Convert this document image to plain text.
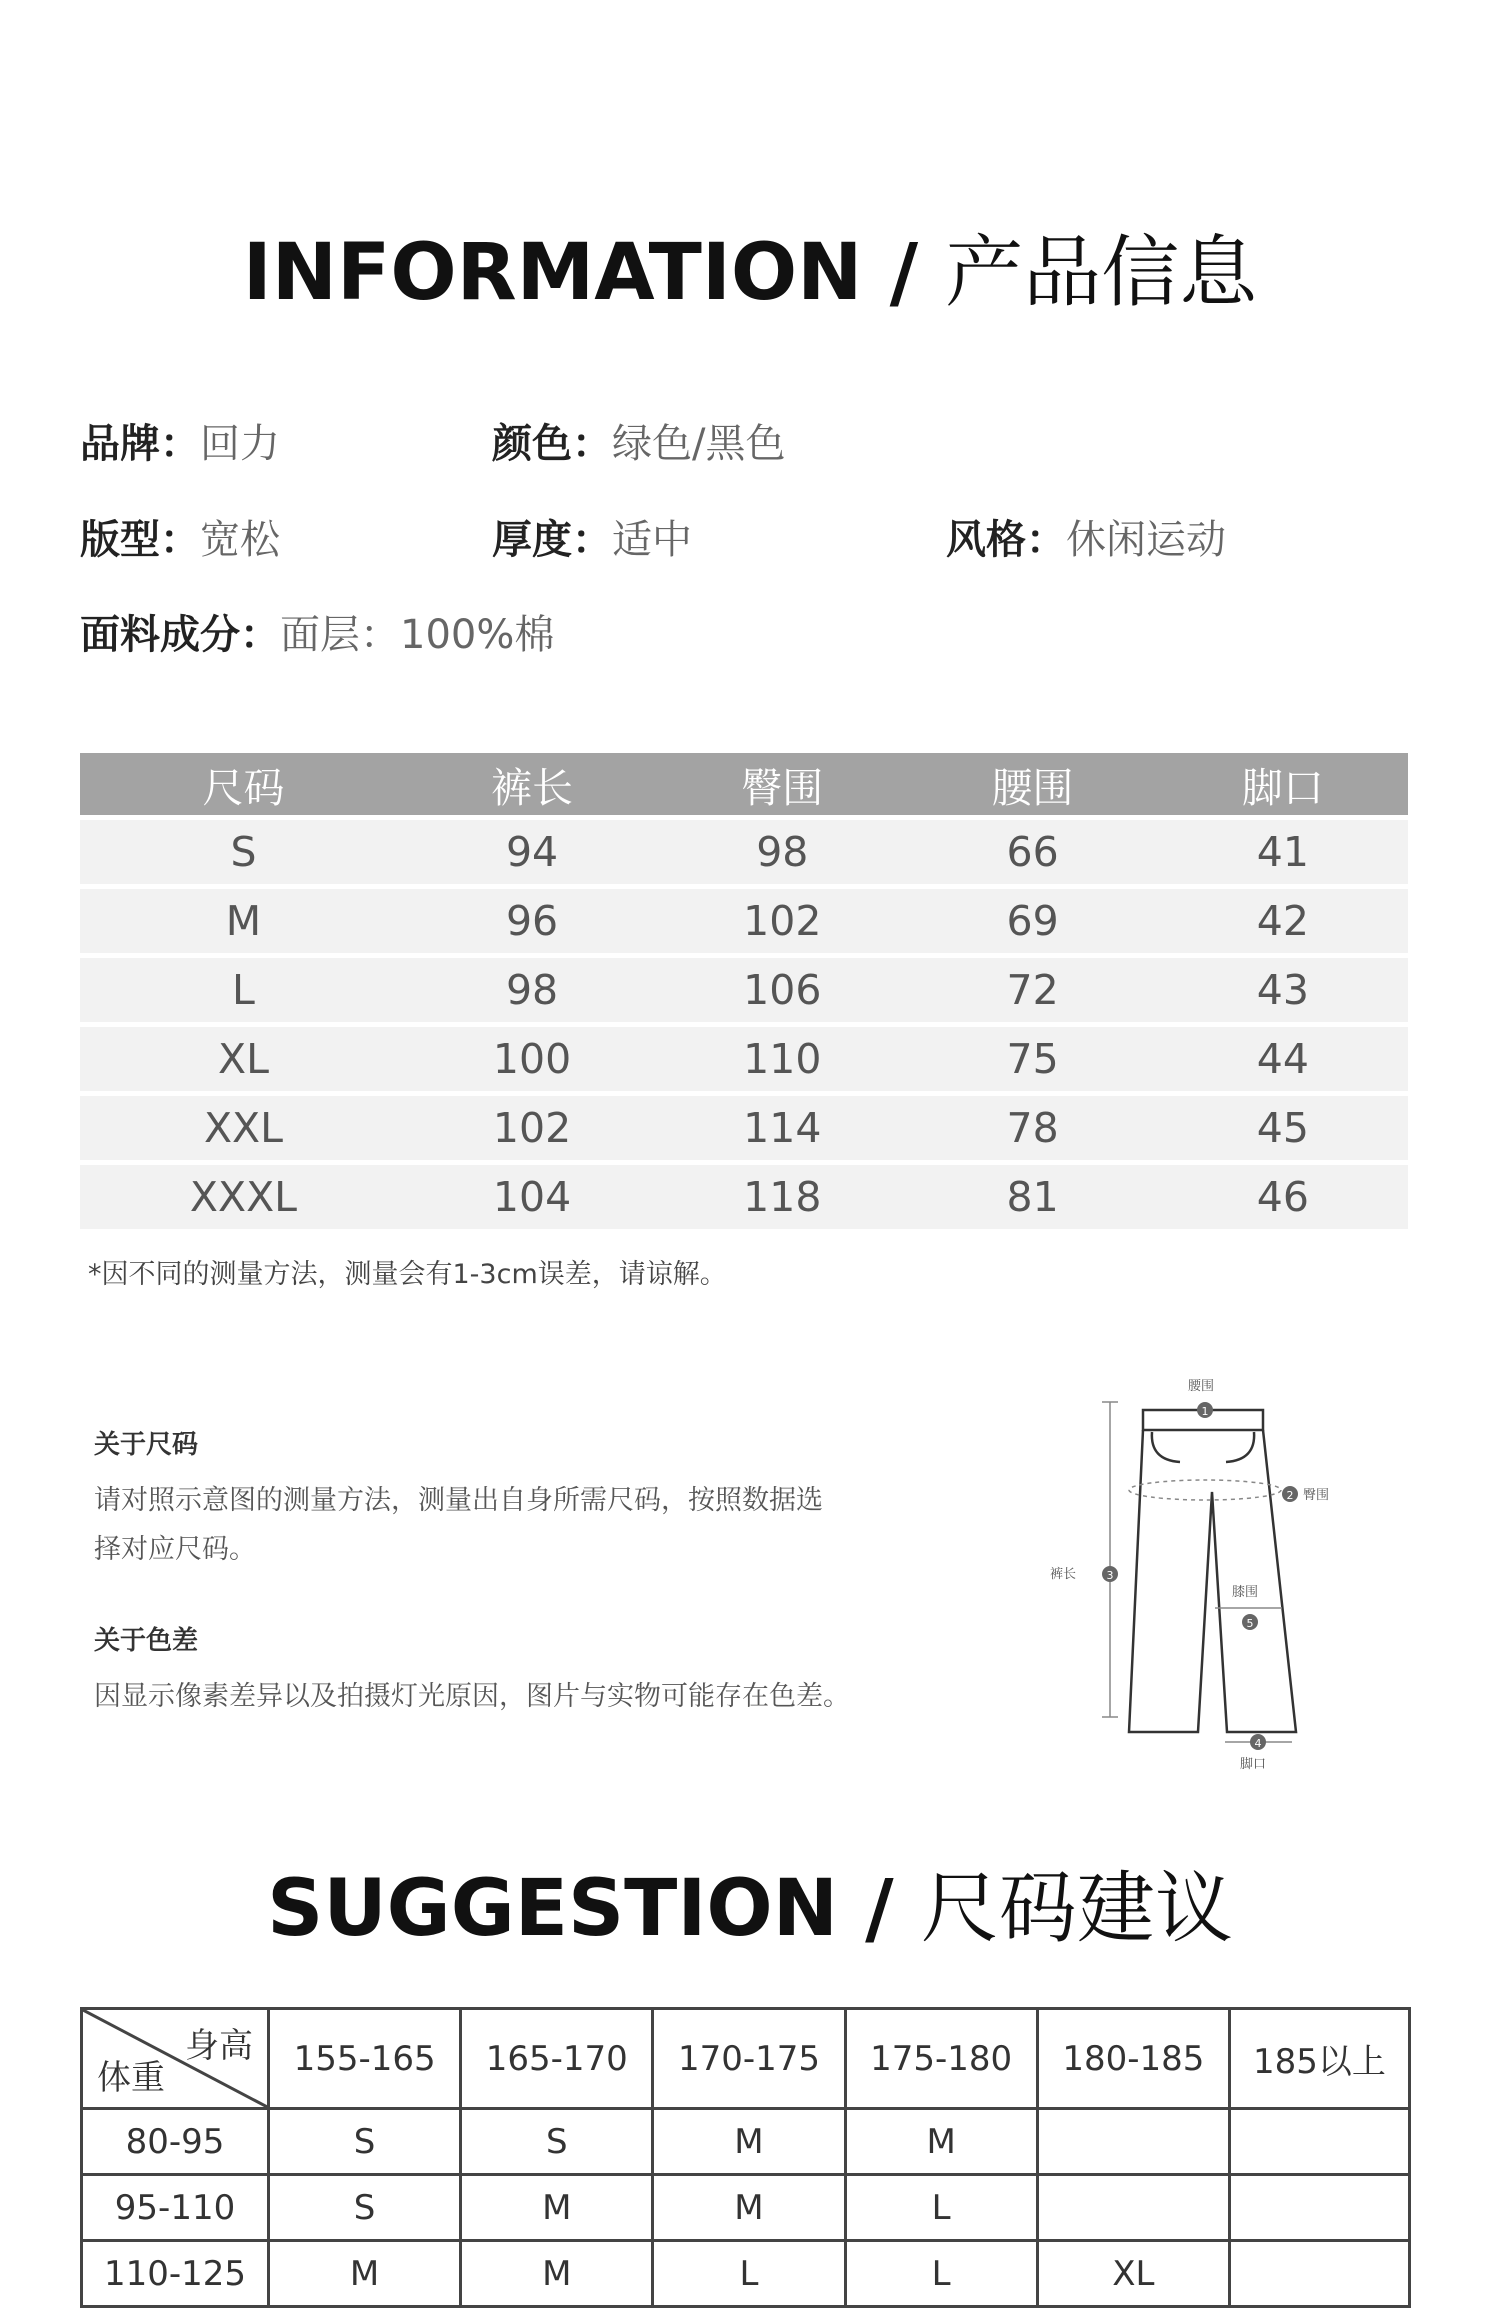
INFORMATION / 产品信息
品牌：回力	颜色：绿色/黑色
版型：宽松	厚度：适中	风格：休闲运动
面料成分：面层：100%棉
尺码	裤长	臀围	腰围	脚口
S	94	98	66	41
M	96	102	69	42
L	98	106	72	43
XL	100	110	75	44
XXL	102	114	78	45
XXXL	104	118	81	46
*因不同的测量方法，测量会有1-3cm误差，请谅解。
关于尺码
请对照示意图的测量方法，测量出自身所需尺码，按照数据选
择对应尺码。
关于色差
因显示像素差异以及拍摄灯光原因，图片与实物可能存在色差。
腰围
1
2 臀围
裤长	3
膝围
5
4
脚口
SUGGESTION / 尺码建议
身高
体重	155-165	165-170	170-175	175-180	180-185	185以上
80-95	S	S	M	M		
95-110	S	M	M	L		
110-125	M	M	L	L	XL	
